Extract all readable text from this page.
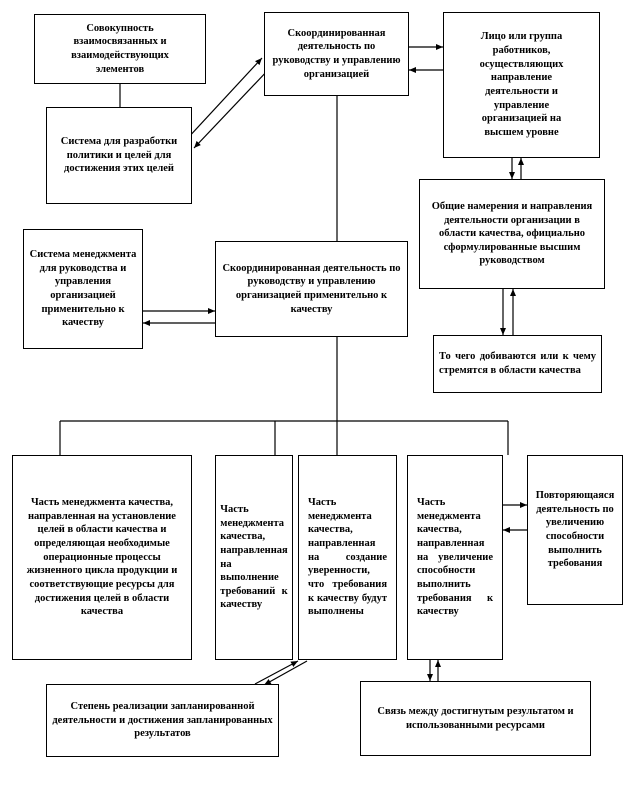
Совокупность взаимосвязанных и взаимодействующих элементов
Система для разработки политики и целей для достижения этих целей
Скоординированная деятельность по руководству и управлению организацией
Лицо или группа работников, осуществляющих направление деятельности и управление организацией на высшем уровне
Общие намерения и направления деятельности организации в области качества, официально сформулированные высшим руководством
Система менеджмента для руководства и управления организацией применительно к качеству
Скоординированная деятельность по руководству и управлению организацией применительно к качеству
То чего добиваются или к чему стремятся в области качества
Часть менеджмента качества, направленная на установление целей в области качества и определяющая необходимые операционные процессы жизненного цикла продукции и соответствующие ресурсы для достижения целей в области качества
Часть менеджмента качества, направленная на выполнение требований к качеству
Часть менеджмента качества, направленная на создание уверенности, что требования к качеству будут выполнены
Часть менеджмента качества, направленная на увеличение способности выполнить требования к качеству
Повторяющаяся деятельность по увеличению способности выполнить требования
Степень реализации запланированной деятельности и достижения запланированных результатов
Связь между достигнутым результатом и использованными ресурсами
